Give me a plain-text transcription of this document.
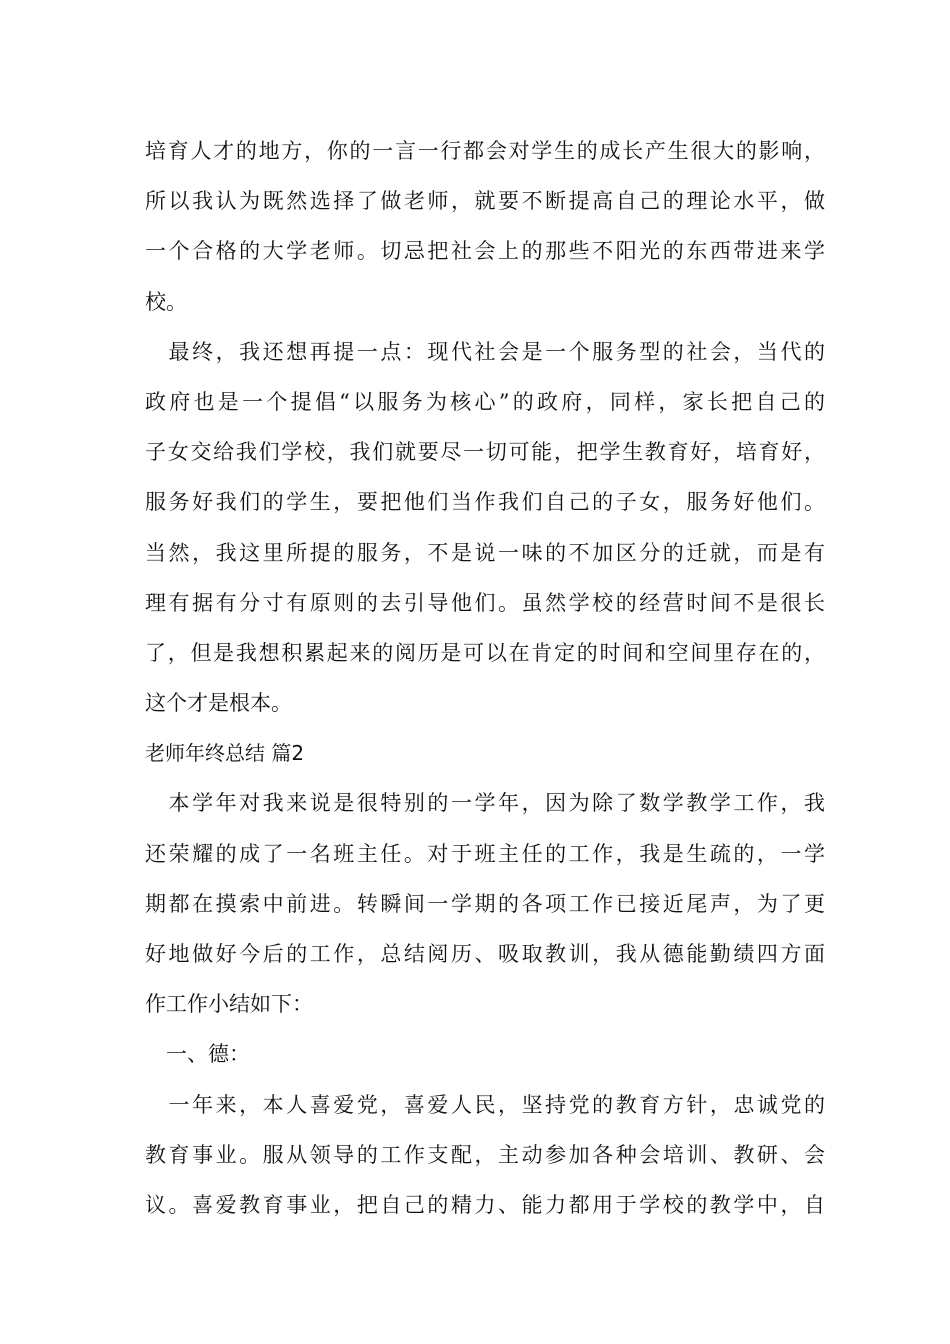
培育人才的地方，你的一言一行都会对学生的成长产生很大的影响，
所以我认为既然选择了做老师，就要不断提高自己的理论水平，做
一个合格的大学老师。切忌把社会上的那些不阳光的东西带进来学
校。
　最终，我还想再提一点：现代社会是一个服务型的社会，当代的
政府也是一个提倡“以服务为核心”的政府，同样，家长把自己的
子女交给我们学校，我们就要尽一切可能，把学生教育好，培育好，
服务好我们的学生，要把他们当作我们自己的子女，服务好他们。
当然，我这里所提的服务，不是说一味的不加区分的迁就，而是有
理有据有分寸有原则的去引导他们。虽然学校的经营时间不是很长
了，但是我想积累起来的阅历是可以在肯定的时间和空间里存在的，
这个才是根本。
老师年终总结 篇2
　本学年对我来说是很特别的一学年，因为除了数学教学工作，我
还荣耀的成了一名班主任。对于班主任的工作，我是生疏的，一学
期都在摸索中前进。转瞬间一学期的各项工作已接近尾声，为了更
好地做好今后的工作，总结阅历、吸取教训，我从德能勤绩四方面
作工作小结如下：
　一、德：
　一年来，本人喜爱党，喜爱人民，坚持党的教育方针，忠诚党的
教育事业。服从领导的工作支配，主动参加各种会培训、教研、会
议。喜爱教育事业，把自己的精力、能力都用于学校的教学中，自
